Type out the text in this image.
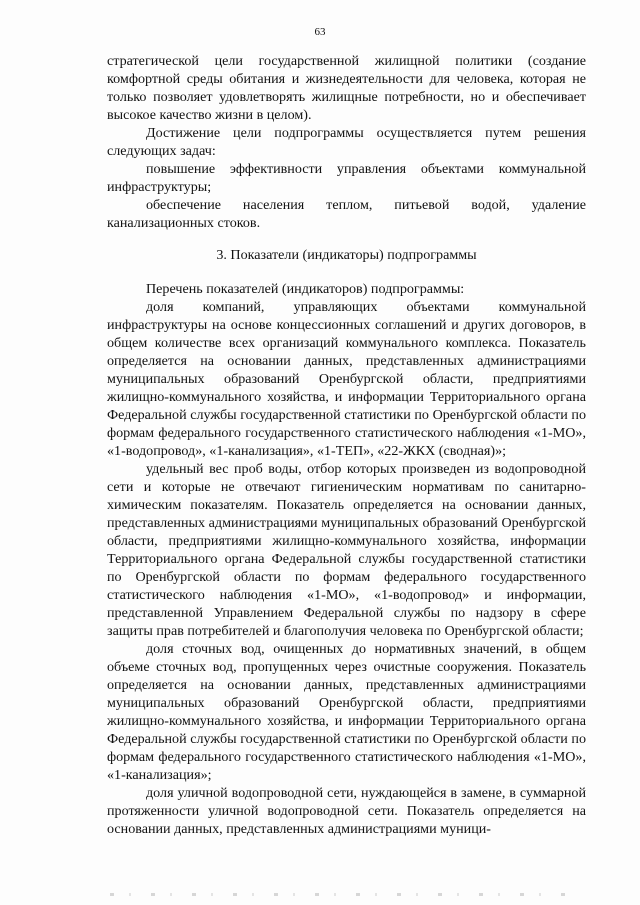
63

стратегической цели государственной жилищной политики (создание комфортной среды обитания и жизнедеятельности для человека, которая не только позволяет удовлетворять жилищные потребности, но и обеспечивает высокое качество жизни в целом).

Достижение цели подпрограммы осуществляется путем решения следующих задач:

повышение эффективности управления объектами коммунальной инфраструктуры;

обеспечение населения теплом, питьевой водой, удаление канализационных стоков.

3. Показатели (индикаторы) подпрограммы

Перечень показателей (индикаторов) подпрограммы:

доля компаний, управляющих объектами коммунальной инфраструктуры на основе концессионных соглашений и других договоров, в общем количестве всех организаций коммунального комплекса. Показатель определяется на основании данных, представленных администрациями муниципальных образований Оренбургской области, предприятиями жилищно-коммунального хозяйства, и информации Территориального органа Федеральной службы государственной статистики по Оренбургской области по формам федерального государственного статистического наблюдения «1-МО», «1-водопровод», «1-канализация», «1-ТЕП», «22-ЖКХ (сводная)»;

удельный вес проб воды, отбор которых произведен из водопроводной сети и которые не отвечают гигиеническим нормативам по санитарно-химическим показателям. Показатель определяется на основании данных, представленных администрациями муниципальных образований Оренбургской области, предприятиями жилищно-коммунального хозяйства, информации Территориального органа Федеральной службы государственной статистики по Оренбургской области по формам федерального государственного статистического наблюдения «1-МО», «1-водопровод» и информации, представленной Управлением Федеральной службы по надзору в сфере защиты прав потребителей и благополучия человека по Оренбургской области;

доля сточных вод, очищенных до нормативных значений, в общем объеме сточных вод, пропущенных через очистные сооружения. Показатель определяется на основании данных, представленных администрациями муниципальных образований Оренбургской области, предприятиями жилищно-коммунального хозяйства, и информации Территориального органа Федеральной службы государственной статистики по Оренбургской области по формам федерального государственного статистического наблюдения «1-МО», «1-канализация»;

доля уличной водопроводной сети, нуждающейся в замене, в суммарной протяженности уличной водопроводной сети. Показатель определяется на основании данных, представленных администрациями муници-
